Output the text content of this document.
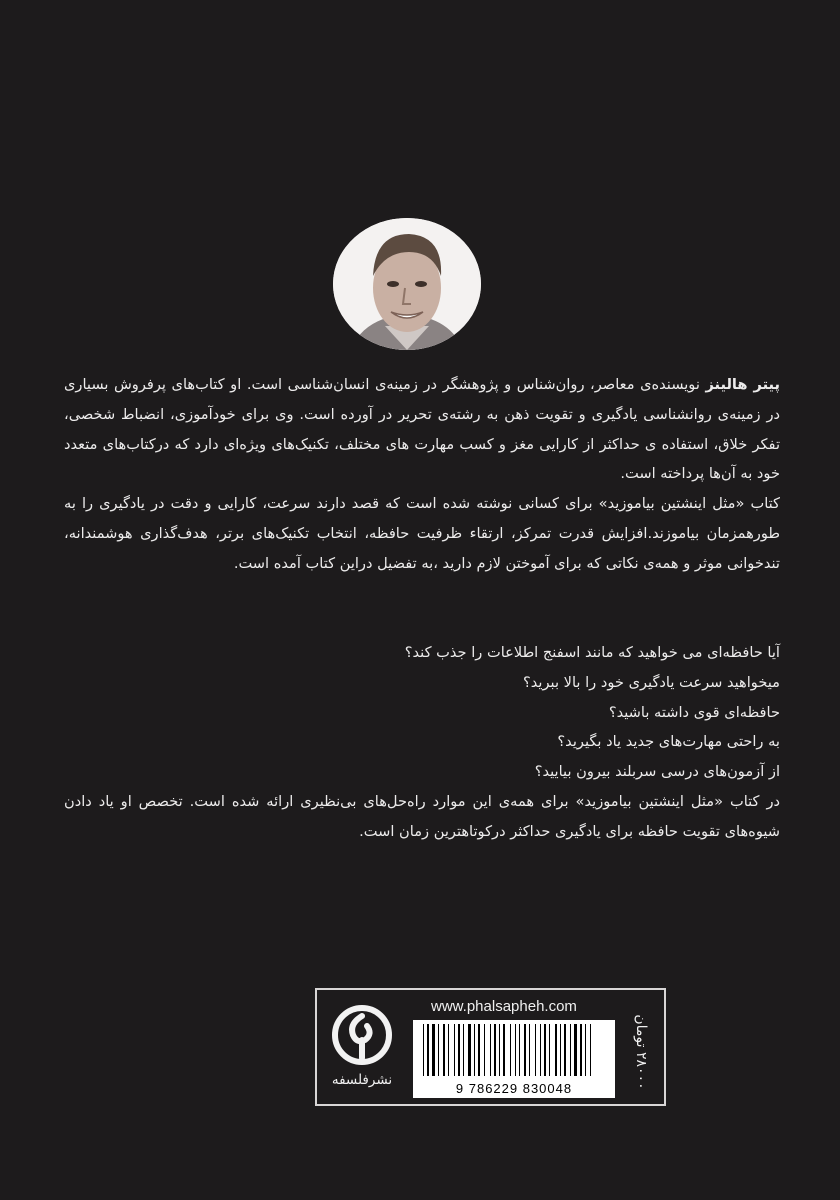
پیتر هالینز نویسنده‌ی معاصر، روان‌شناس و پژوهشگر در زمینه‌ی انسان‌شناسی است. او کتاب‌های پرفروش بسیاری در زمینه‌ی روانشناسی یادگیری و تقویت ذهن به رشته‌ی تحریر در آورده است. وی برای خودآموزی، انضباط شخصی، تفکر خلاق، استفاده ی حداکثر از کارایی مغز و کسب مهارت های مختلف، تکنیک‌های ویژه‌ای دارد که درکتاب‌های متعدد خود به آن‌ها پرداخته است.

کتاب «مثل اینشتین بیاموزید» برای کسانی نوشته شده است که قصد دارند سرعت، کارایی و دقت در یادگیری را به طورهمزمان بیاموزند.افزایش قدرت تمرکز، ارتقاء ظرفیت حافظه، انتخاب تکنیک‌های برتر، هدف‌گذاری هوشمندانه، تندخوانی موثر و همه‌ی نکاتی که برای آموختن لازم دارید ،به تفضیل دراین کتاب آمده است.

آیا حافظه‌ای می خواهید که مانند اسفنج اطلاعات را جذب کند؟
میخواهید سرعت یادگیری خود را بالا ببرید؟
حافظه‌ای قوی داشته باشید؟
به راحتی مهارت‌های جدید یاد بگیرید؟
از آزمون‌های درسی سربلند بیرون بیایید؟

در کتاب «مثل اینشتین بیاموزید» برای همه‌ی این موارد راه‌حل‌های بی‌نظیری ارائه شده است. تخصص او یاد دادن شیوه‌های تقویت حافظه برای یادگیری حداکثر درکوتاهترین زمان است.

نشرفلسفه
www.phalsapheh.com
9 786229 830048
۲۸۰۰۰ تومان
